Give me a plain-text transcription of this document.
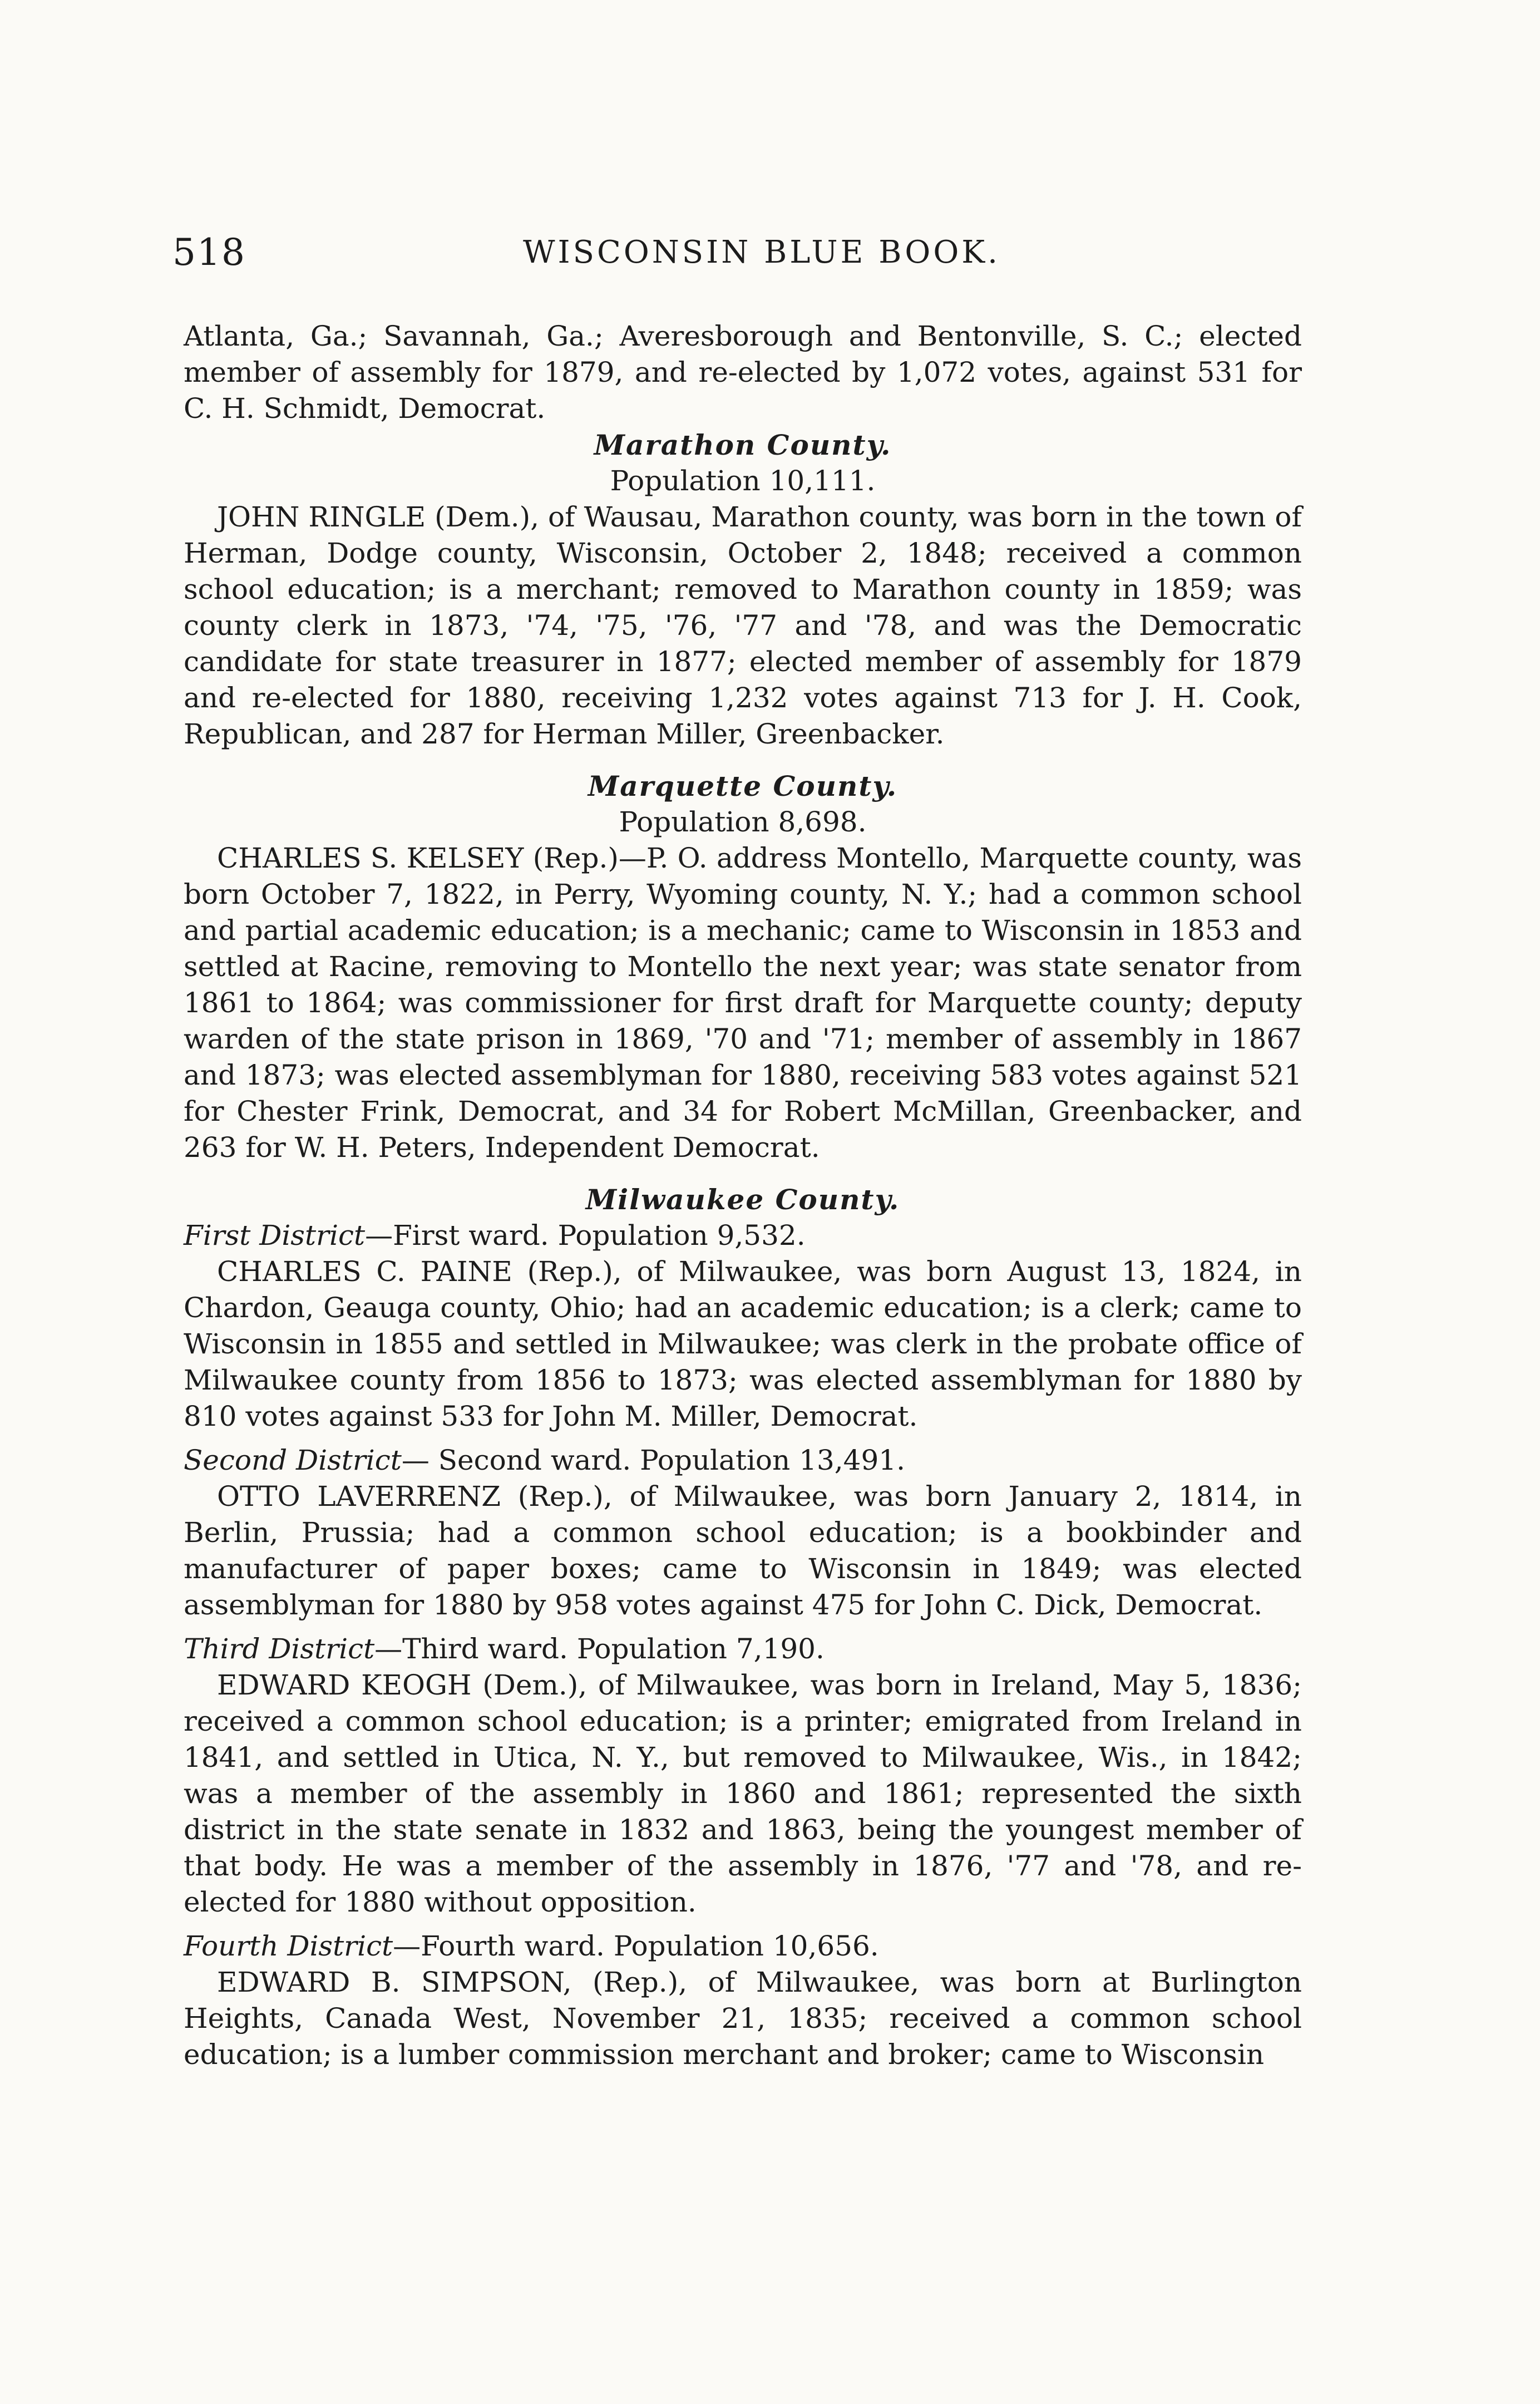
518	WISCONSIN BLUE BOOK.

Atlanta, Ga.; Savannah, Ga.; Averesborough and Bentonville, S. C.; elected member of assembly for 1879, and re-elected by 1,072 votes, against 531 for C. H. Schmidt, Democrat.

Marathon County.

Population 10,111.

JOHN RINGLE (Dem.), of Wausau, Marathon county, was born in the town of Herman, Dodge county, Wisconsin, October 2, 1848; received a common school education; is a merchant; removed to Marathon county in 1859; was county clerk in 1873, '74, '75, '76, '77 and '78, and was the Democratic candidate for state treasurer in 1877; elected member of assembly for 1879 and re-elected for 1880, receiving 1,232 votes against 713 for J. H. Cook, Republican, and 287 for Herman Miller, Greenbacker.

Marquette County.

Population 8,698.

CHARLES S. KELSEY (Rep.)—P. O. address Montello, Marquette county, was born October 7, 1822, in Perry, Wyoming county, N. Y.; had a common school and partial academic education; is a mechanic; came to Wisconsin in 1853 and settled at Racine, removing to Montello the next year; was state senator from 1861 to 1864; was commissioner for first draft for Marquette county; deputy warden of the state prison in 1869, '70 and '71; member of assembly in 1867 and 1873; was elected assemblyman for 1880, receiving 583 votes against 521 for Chester Frink, Democrat, and 34 for Robert McMillan, Greenbacker, and 263 for W. H. Peters, Independent Democrat.

Milwaukee County.

First District—First ward. Population 9,532.

CHARLES C. PAINE (Rep.), of Milwaukee, was born August 13, 1824, in Chardon, Geauga county, Ohio; had an academic education; is a clerk; came to Wisconsin in 1855 and settled in Milwaukee; was clerk in the probate office of Milwaukee county from 1856 to 1873; was elected assemblyman for 1880 by 810 votes against 533 for John M. Miller, Democrat.

Second District— Second ward. Population 13,491.

OTTO LAVERRENZ (Rep.), of Milwaukee, was born January 2, 1814, in Berlin, Prussia; had a common school education; is a bookbinder and manufacturer of paper boxes; came to Wisconsin in 1849; was elected assemblyman for 1880 by 958 votes against 475 for John C. Dick, Democrat.

Third District—Third ward. Population 7,190.

EDWARD KEOGH (Dem.), of Milwaukee, was born in Ireland, May 5, 1836; received a common school education; is a printer; emigrated from Ireland in 1841, and settled in Utica, N. Y., but removed to Milwaukee, Wis., in 1842; was a member of the assembly in 1860 and 1861; represented the sixth district in the state senate in 1832 and 1863, being the youngest member of that body. He was a member of the assembly in 1876, '77 and '78, and re-elected for 1880 without opposition.

Fourth District—Fourth ward. Population 10,656.

EDWARD B. SIMPSON, (Rep.), of Milwaukee, was born at Burlington Heights, Canada West, November 21, 1835; received a common school education; is a lumber commission merchant and broker; came to Wisconsin
